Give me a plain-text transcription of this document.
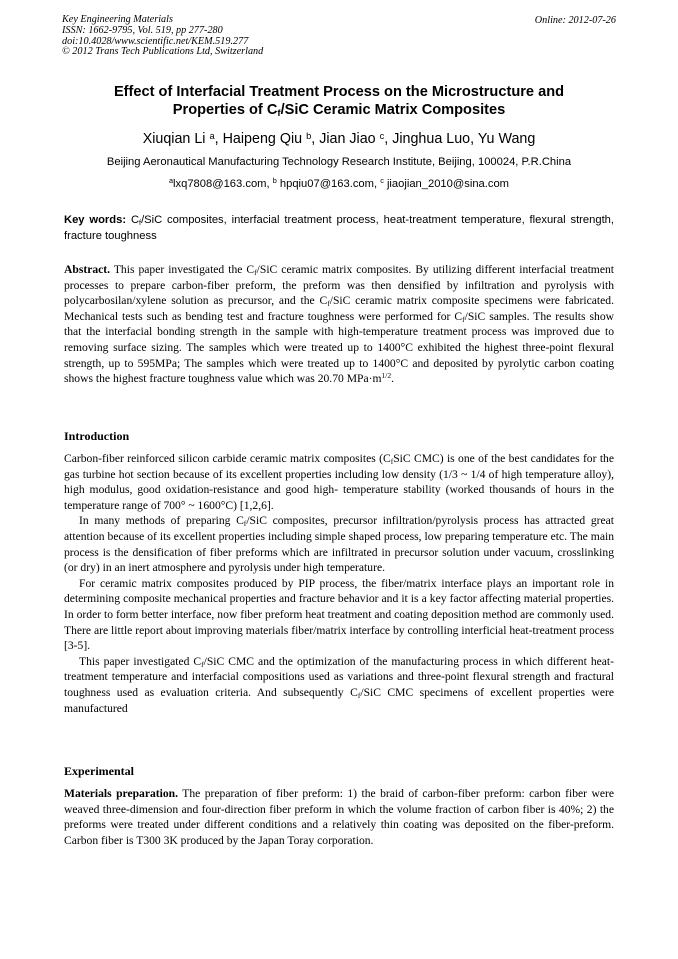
Key Engineering Materials
ISSN: 1662-9795, Vol. 519, pp 277-280
doi:10.4028/www.scientific.net/KEM.519.277
© 2012 Trans Tech Publications Ltd, Switzerland
Online: 2012-07-26
Effect of Interfacial Treatment Process on the Microstructure and
Properties of $C_f$/SiC Ceramic Matrix Composites
Xiuqian Li $^a$, Haipeng Qiu $^b$, Jian Jiao $^c$, Jinghua Luo, Yu Wang
Beijing Aeronautical Manufacturing Technology Research Institute, Beijing, 100024, P.R.China
$^a$lxq7808@163.com, $^b$ hpqiu07@163.com, $^c$ jiaojian_2010@sina.com
Key words: $C_f$/SiC composites, interfacial treatment process, heat-treatment temperature, flexural strength, fracture toughness

Abstract. This paper investigated the $C_f$/SiC ceramic matrix composites. By utilizing different interfacial treatment processes to prepare carbon-fiber preform, the preform was then densified by infiltration and pyrolysis with polycarbosilan/xylene solution as precursor, and the $C_f$/SiC ceramic matrix composite specimens were fabricated. Mechanical tests such as bending test and fracture toughness were performed for $C_f$/SiC samples. The results show that the interfacial bonding strength in the sample with high-temperature treatment process was improved due to removing surface sizing. The samples which were treated up to 1400°C exhibited the highest three-point flexural strength, up to 595MPa; The samples which were treated up to 1400°C and deposited by pyrolytic carbon coating shows the highest fracture toughness value which was 20.70 $MPa\cdot m^{1/2}$.

Introduction

Carbon-fiber reinforced silicon carbide ceramic matrix composites ($C_fSiC$ CMC) is one of the best candidates for the gas turbine hot section because of its excellent properties including low density (1/3 ~ 1/4 of high temperature alloy), high modulus, good oxidation-resistance and good high- temperature stability (worked thousands of hours in the temperature range of 700° ~ 1600°C) [1,2,6].

In many methods of preparing $C_f$/SiC composites, precursor infiltration/pyrolysis process has attracted great attention because of its excellent properties including simple shaped process, low preparing temperature etc. The main process is the densification of fiber preforms which are infiltrated in precursor solution under vacuum, crosslinking (or dry) in an inert atmosphere and pyrolysis under high temperature.

For ceramic matrix composites produced by PIP process, the fiber/matrix interface plays an important role in determining composite mechanical properties and fracture behavior and it is a key factor affecting material properties. In order to form better interface, now fiber preform heat treatment and coating deposition method are commonly used. There are little report about improving materials fiber/matrix interface by controlling interficial heat-treatment process [3-5].

This paper investigated $C_f$/SiC CMC and the optimization of the manufacturing process in which different heat-treatment temperature and interfacial compositions used as variations and three-point flexural strength and fractural toughness used as evaluation criteria. And subsequently $C_f$/SiC CMC specimens of excellent properties were manufactured

Experimental

Materials preparation. The preparation of fiber preform: 1) the braid of carbon-fiber preform: carbon fiber were weaved three-dimension and four-direction fiber preform in which the volume fraction of carbon fiber is 40%; 2) the preforms were treated under different conditions and a relatively thin coating was deposited on the fiber-preform. Carbon fiber is T300 3K produced by the Japan Toray corporation.
